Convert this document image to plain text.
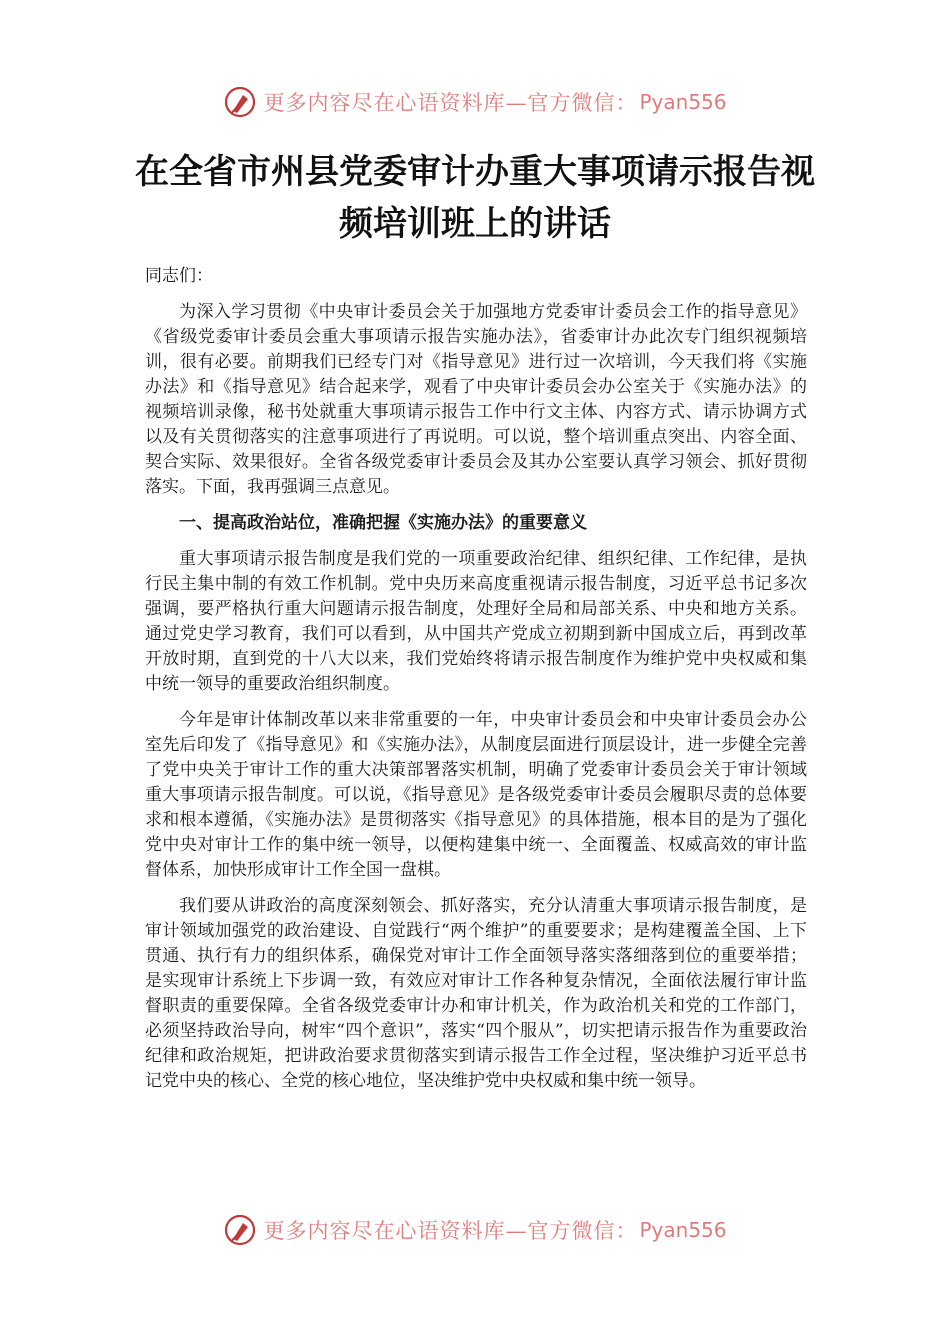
更多内容尽在心语资料库—官方微信： Pyan556
在全省市州县党委审计办重大事项请示报告视频培训班上的讲话

同志们：

为深入学习贯彻《中央审计委员会关于加强地方党委审计委员会工作的指导意见》《省级党委审计委员会重大事项请示报告实施办法》，省委审计办此次专门组织视频培训，很有必要。前期我们已经专门对《指导意见》进行过一次培训，今天我们将《实施办法》和《指导意见》结合起来学，观看了中央审计委员会办公室关于《实施办法》的视频培训录像，秘书处就重大事项请示报告工作中行文主体、内容方式、请示协调方式以及有关贯彻落实的注意事项进行了再说明。可以说，整个培训重点突出、内容全面、契合实际、效果很好。全省各级党委审计委员会及其办公室要认真学习领会、抓好贯彻落实。下面，我再强调三点意见。

一、提高政治站位，准确把握《实施办法》的重要意义

重大事项请示报告制度是我们党的一项重要政治纪律、组织纪律、工作纪律，是执行民主集中制的有效工作机制。党中央历来高度重视请示报告制度，习近平总书记多次强调，要严格执行重大问题请示报告制度，处理好全局和局部关系、中央和地方关系。通过党史学习教育，我们可以看到，从中国共产党成立初期到新中国成立后，再到改革开放时期，直到党的十八大以来，我们党始终将请示报告制度作为维护党中央权威和集中统一领导的重要政治组织制度。

今年是审计体制改革以来非常重要的一年，中央审计委员会和中央审计委员会办公室先后印发了《指导意见》和《实施办法》，从制度层面进行顶层设计，进一步健全完善了党中央关于审计工作的重大决策部署落实机制，明确了党委审计委员会关于审计领域重大事项请示报告制度。可以说，《指导意见》是各级党委审计委员会履职尽责的总体要求和根本遵循，《实施办法》是贯彻落实《指导意见》的具体措施，根本目的是为了强化党中央对审计工作的集中统一领导，以便构建集中统一、全面覆盖、权威高效的审计监督体系，加快形成审计工作全国一盘棋。

我们要从讲政治的高度深刻领会、抓好落实，充分认清重大事项请示报告制度，是审计领域加强党的政治建设、自觉践行“两个维护”的重要要求；是构建覆盖全国、上下贯通、执行有力的组织体系，确保党对审计工作全面领导落实落细落到位的重要举措；是实现审计系统上下步调一致，有效应对审计工作各种复杂情况，全面依法履行审计监督职责的重要保障。全省各级党委审计办和审计机关，作为政治机关和党的工作部门，必须坚持政治导向，树牢“四个意识”，落实“四个服从”，切实把请示报告作为重要政治纪律和政治规矩，把讲政治要求贯彻落实到请示报告工作全过程，坚决维护习近平总书记党中央的核心、全党的核心地位，坚决维护党中央权威和集中统一领导。

更多内容尽在心语资料库—官方微信： Pyan556
